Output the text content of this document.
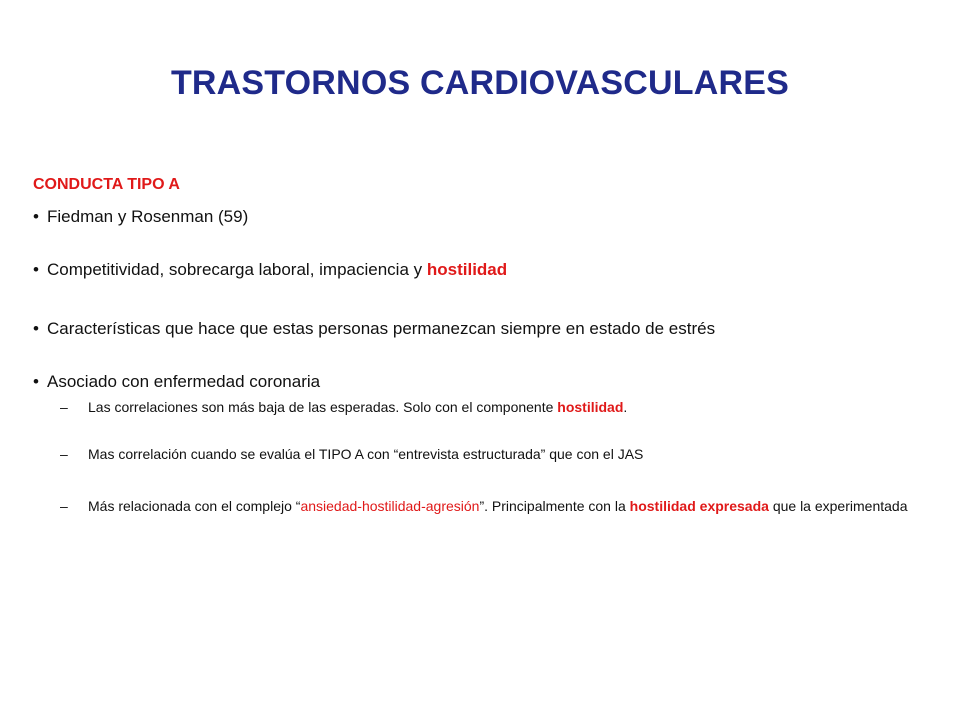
TRASTORNOS CARDIOVASCULARES
CONDUCTA TIPO A
• Fiedman y Rosenman (59)
• Competitividad, sobrecarga laboral, impaciencia y hostilidad
• Características que hace que estas personas permanezcan siempre en estado de estrés
• Asociado con enfermedad coronaria
– Las correlaciones son más baja de las esperadas. Solo con el componente hostilidad.
– Mas correlación cuando se evalúa el TIPO A con “entrevista estructurada” que con el JAS
– Más relacionada con el complejo “ansiedad-hostilidad-agresión”. Principalmente con la hostilidad expresada que la experimentada
